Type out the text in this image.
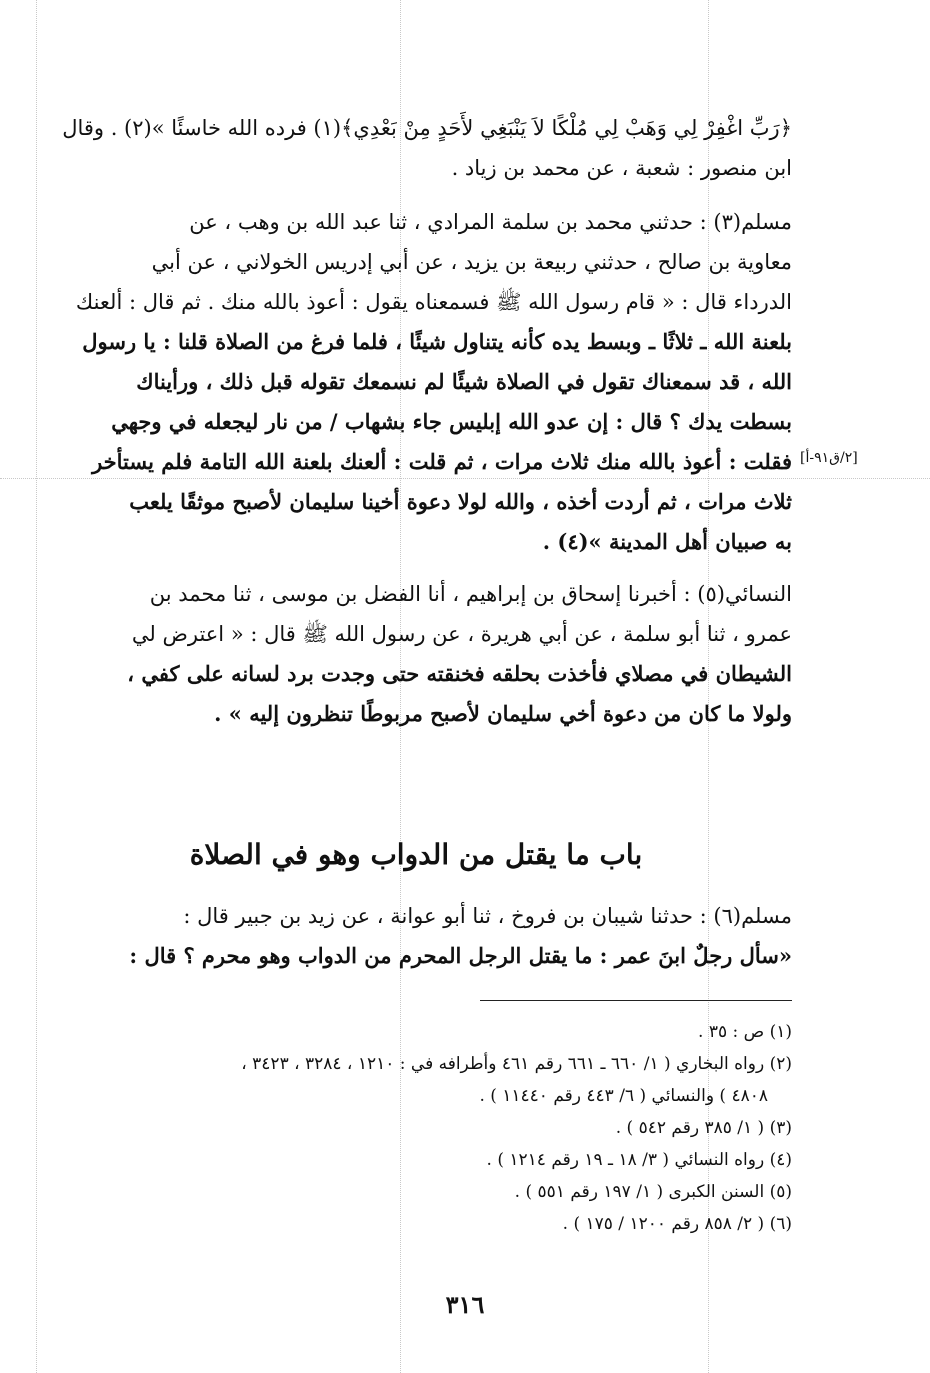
﴿رَبِّ اغْفِرْ لِي وَهَبْ لِي مُلْكًا لاَ يَنْبَغِي لأَحَدٍ مِنْ بَعْدِي﴾(١) فرده الله خاسئًا »(٢) . وقال
ابن منصور : شعبة ، عن محمد بن زياد .
مسلم(٣) : حدثني محمد بن سلمة المرادي ، ثنا عبد الله بن وهب ، عن
معاوية بن صالح ، حدثني ربيعة بن يزيد ، عن أبي إدريس الخولاني ، عن أبي
الدرداء قال : « قام رسول الله ﷺ فسمعناه يقول : أعوذ بالله منك . ثم قال : ألعنك
بلعنة الله ـ ثلاثًا ـ وبسط يده كأنه يتناول شيئًا ، فلما فرغ من الصلاة قلنا : يا رسول
الله ، قد سمعناك تقول في الصلاة شيئًا لم نسمعك تقوله قبل ذلك ، ورأيناك
بسطت يدك ؟ قال : إن عدو الله إبليس جاء بشهاب / من نار ليجعله في وجهي
فقلت : أعوذ بالله منك ثلاث مرات ، ثم قلت : ألعنك بلعنة الله التامة فلم يستأخر
ثلاث مرات ، ثم أردت أخذه ، والله لولا دعوة أخينا سليمان لأصبح موثقًا يلعب
به صبيان أهل المدينة »(٤) .
النسائي(٥) : أخبرنا إسحاق بن إبراهيم ، أنا الفضل بن موسى ، ثنا محمد بن
عمرو ، ثنا أبو سلمة ، عن أبي هريرة ، عن رسول الله ﷺ قال : « اعترض لي
الشيطان في مصلاي فأخذت بحلقه فخنقته حتى وجدت برد لسانه على كفي ،
ولولا ما كان من دعوة أخي سليمان لأصبح مربوطًا تنظرون إليه » .
[٢/ق٩١-أ]
باب ما يقتل من الدواب وهو في الصلاة
مسلم(٦) : حدثنا شيبان بن فروخ ، ثنا أبو عوانة ، عن زيد بن جبير قال :
«سأل رجلٌ ابنَ عمر : ما يقتل الرجل المحرم من الدواب وهو محرم ؟ قال :
(١) ص : ٣٥ .
(٢) رواه البخاري ( ١/ ٦٦٠ ـ ٦٦١ رقم ٤٦١ وأطرافه في : ١٢١٠ ، ٣٢٨٤ ، ٣٤٢٣ ،
٤٨٠٨ ) والنسائي ( ٦/ ٤٤٣ رقم ١١٤٤٠ ) .
(٣) ( ١/ ٣٨٥ رقم ٥٤٢ ) .
(٤) رواه النسائي ( ٣/ ١٨ ـ ١٩ رقم ١٢١٤ ) .
(٥) السنن الكبرى ( ١/ ١٩٧ رقم ٥٥١ ) .
(٦) ( ٢/ ٨٥٨ رقم ١٢٠٠ / ١٧٥ ) .
٣١٦
